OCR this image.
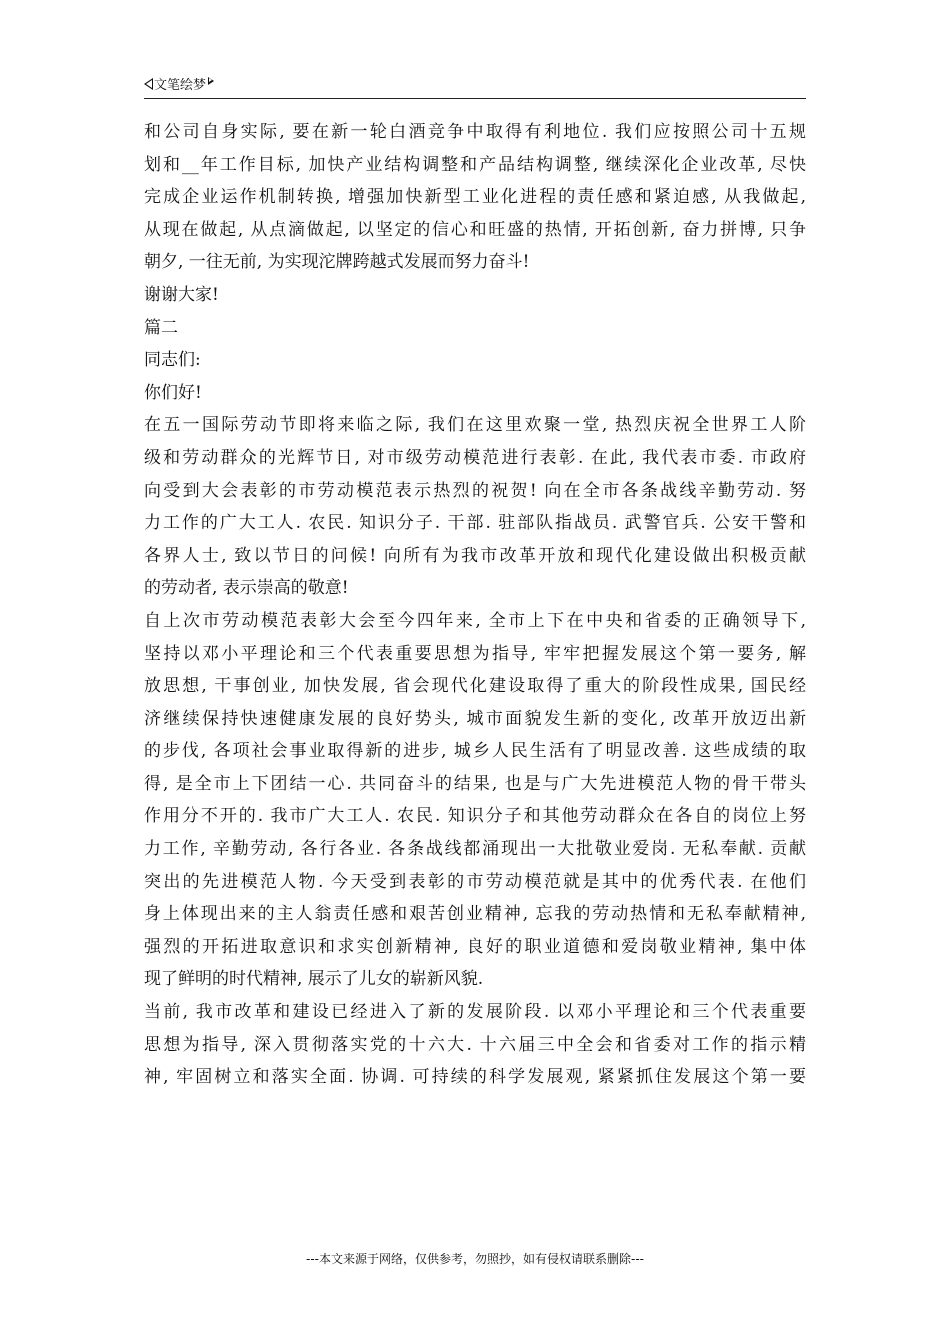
文笔绘梦
和公司自身实际, 要在新一轮白酒竞争中取得有利地位. 我们应按照公司十五规
划和__年工作目标, 加快产业结构调整和产品结构调整, 继续深化企业改革, 尽快
完成企业运作机制转换, 增强加快新型工业化进程的责任感和紧迫感, 从我做起,
从现在做起, 从点滴做起, 以坚定的信心和旺盛的热情, 开拓创新, 奋力拼博, 只争
朝夕, 一往无前, 为实现沱牌跨越式发展而努力奋斗!
谢谢大家!
篇二
同志们:
你们好!
在五一国际劳动节即将来临之际, 我们在这里欢聚一堂, 热烈庆祝全世界工人阶
级和劳动群众的光辉节日, 对市级劳动模范进行表彰. 在此, 我代表市委. 市政府
向受到大会表彰的市劳动模范表示热烈的祝贺! 向在全市各条战线辛勤劳动. 努
力工作的广大工人. 农民. 知识分子. 干部. 驻部队指战员. 武警官兵. 公安干警和
各界人士, 致以节日的问候! 向所有为我市改革开放和现代化建设做出积极贡献
的劳动者, 表示崇高的敬意!
自上次市劳动模范表彰大会至今四年来, 全市上下在中央和省委的正确领导下,
坚持以邓小平理论和三个代表重要思想为指导, 牢牢把握发展这个第一要务, 解
放思想, 干事创业, 加快发展, 省会现代化建设取得了重大的阶段性成果, 国民经
济继续保持快速健康发展的良好势头, 城市面貌发生新的变化, 改革开放迈出新
的步伐, 各项社会事业取得新的进步, 城乡人民生活有了明显改善. 这些成绩的取
得, 是全市上下团结一心. 共同奋斗的结果, 也是与广大先进模范人物的骨干带头
作用分不开的. 我市广大工人. 农民. 知识分子和其他劳动群众在各自的岗位上努
力工作, 辛勤劳动, 各行各业. 各条战线都涌现出一大批敬业爱岗. 无私奉献. 贡献
突出的先进模范人物. 今天受到表彰的市劳动模范就是其中的优秀代表. 在他们
身上体现出来的主人翁责任感和艰苦创业精神, 忘我的劳动热情和无私奉献精神,
强烈的开拓进取意识和求实创新精神, 良好的职业道德和爱岗敬业精神, 集中体
现了鲜明的时代精神, 展示了儿女的崭新风貌.
当前, 我市改革和建设已经进入了新的发展阶段. 以邓小平理论和三个代表重要
思想为指导, 深入贯彻落实党的十六大. 十六届三中全会和省委对工作的指示精
神, 牢固树立和落实全面. 协调. 可持续的科学发展观, 紧紧抓住发展这个第一要
---本文来源于网络，仅供参考，勿照抄，如有侵权请联系删除---
